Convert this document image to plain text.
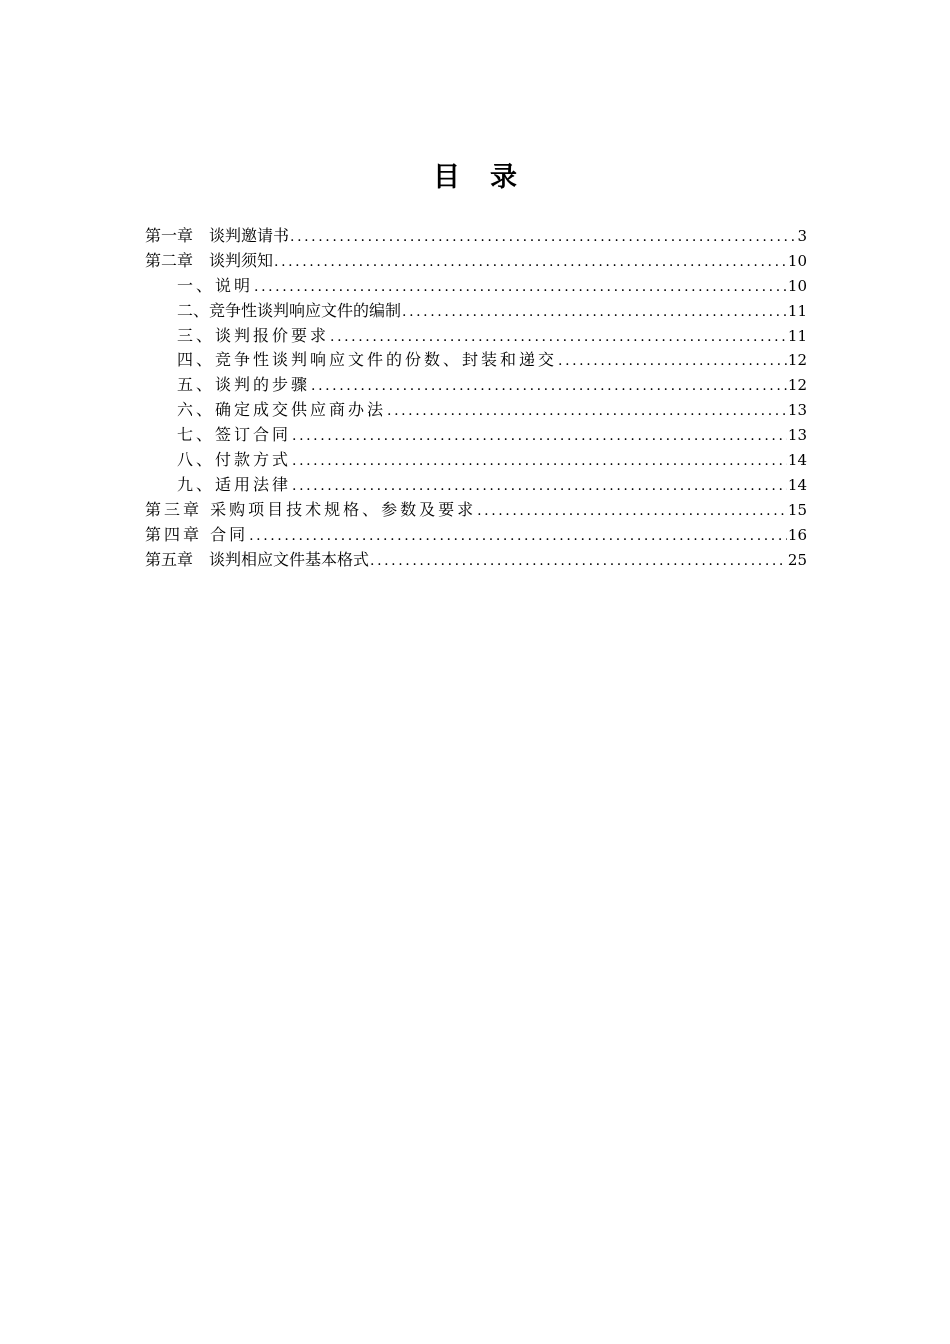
目录
第一章　谈判邀请书 .....	3
第二章　谈判须知 .....	10
一、说明 .....	10
二、竞争性谈判响应文件的编制 .....	11
三、谈判报价要求 .....	11
四、竞争性谈判响应文件的份数、封装和递交 .....	12
五、谈判的步骤 .....	12
六、确定成交供应商办法 .....	13
七、签订合同 .....	13
八、付款方式 .....	14
九、适用法律 .....	14
第三章 采购项目技术规格、参数及要求 .....	15
第四章 合同 .....	16
第五章　谈判相应文件基本格式 .....	25
